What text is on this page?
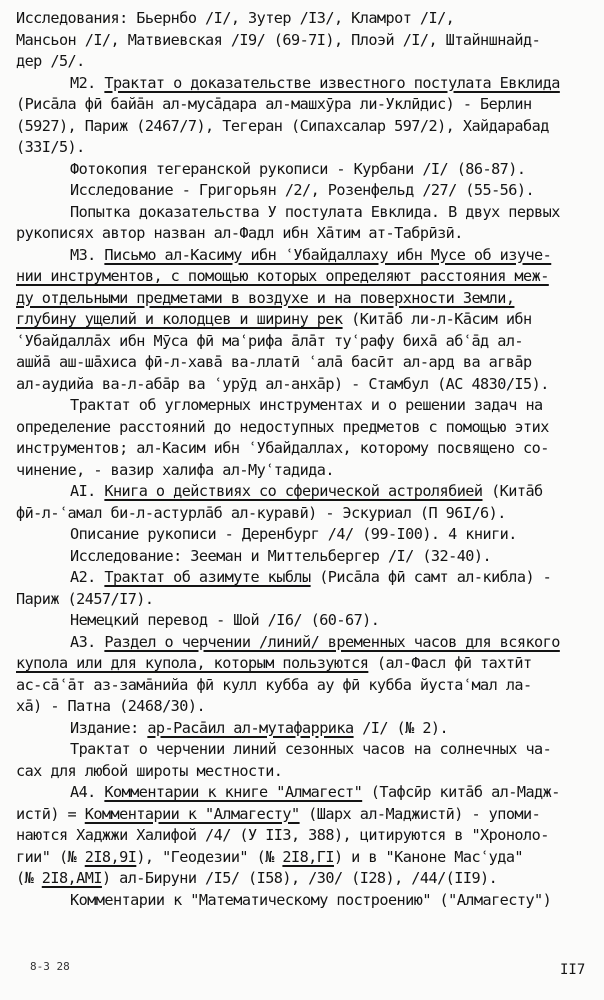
Исследования: Бьернбо /I/, Зутер /I3/, Кламрот /I/,
Мансьон /I/, Матвиевская /I9/ (69-7I), Плоэй /I/, Штайншнайд-
дер /5/.
М2. Трактат о доказательстве известного постулата Евклида
(Рисāла фӣ байāн ал-мусāдара ал-машхӯра ли-Уклӣдис) - Берлин
(5927), Париж (2467/7), Тегеран (Сипахсалар 597/2), Хайдарабад
(33I/5).
Фотокопия тегеранской рукописи - Курбани /I/ (86-87).
Исследование - Григорьян /2/, Розенфельд /27/ (55-56).
Попытка доказательства У постулата Евклида. В двух первых
рукописях автор назван ал-Фадл ибн Хāтим ат-Табрӣзӣ.
М3. Письмо ал-Касиму ибн ʿУбайдаллаху ибн Мусе об изуче-
нии инструментов, с помощью которых определяют расстояния меж-
ду отдельными предметами в воздухе и на поверхности Земли,
глубину ущелий и колодцев и ширину рек (Китāб ли-л-Кāсим ибн
ʿУбайдаллāх ибн Мӯса фӣ маʿрифа āлāт туʿрафу бихā абʿāд ал-
ашйā аш-шāхиса фӣ-л-хавā ва-ллатӣ ʿалā басӣт ал-ард ва агвāр
ал-аудийа ва-л-абāр ва ʿурӯд ал-анхāр) - Стамбул (АС 4830/I5).
Трактат об угломерных инструментах и о решении задач на
определение расстояний до недоступных предметов с помощью этих
инструментов; ал-Касим ибн ʿУбайдаллах, которому посвящено со-
чинение, - вазир халифа ал-Муʿтадида.
AI. Книга о действиях со сферической астролябией (Китāб
фӣ-л-ʿамал би-л-астурлāб ал-куравӣ) - Эскуриал (П 96I/6).
Описание рукописи - Деренбург /4/ (99-I00). 4 книги.
Исследование: Зееман и Миттельбергер /I/ (32-40).
А2. Трактат об азимуте кыблы (Рисāла фӣ самт ал-кибла) -
Париж (2457/I7).
Немецкий перевод - Шой /I6/ (60-67).
А3. Раздел о черчении /линий/ временных часов для всякого
купола или для купола, которым пользуются (ал-Фасл фӣ тахтӣт
ас-сāʿāт аз-замāнийа фӣ кулл кубба ау фӣ кубба йустаʿмал ла-
хā) - Патна (2468/30).
Издание: ар-Расāил ал-мутафаррика /I/ (№ 2).
Трактат о черчении линий сезонных часов на солнечных ча-
сах для любой широты местности.
А4. Комментарии к книге "Алмагест" (Тафсӣр китāб ал-Мадж-
истӣ) = Комментарии к "Алмагесту" (Шарх ал-Маджистӣ) - упоми-
наются Хаджжи Халифой /4/ (У II3, 388), цитируются в "Хроноло-
гии" (№ 2I8,9I), "Геодезии" (№ 2I8,ГI) и в "Каноне Масʿуда"
(№ 2I8,АМI) ал-Бируни /I5/ (I58), /30/ (I28), /44/(II9).
Комментарии к "Математическому построению" ("Алмагесту")
8-3 28	II7
